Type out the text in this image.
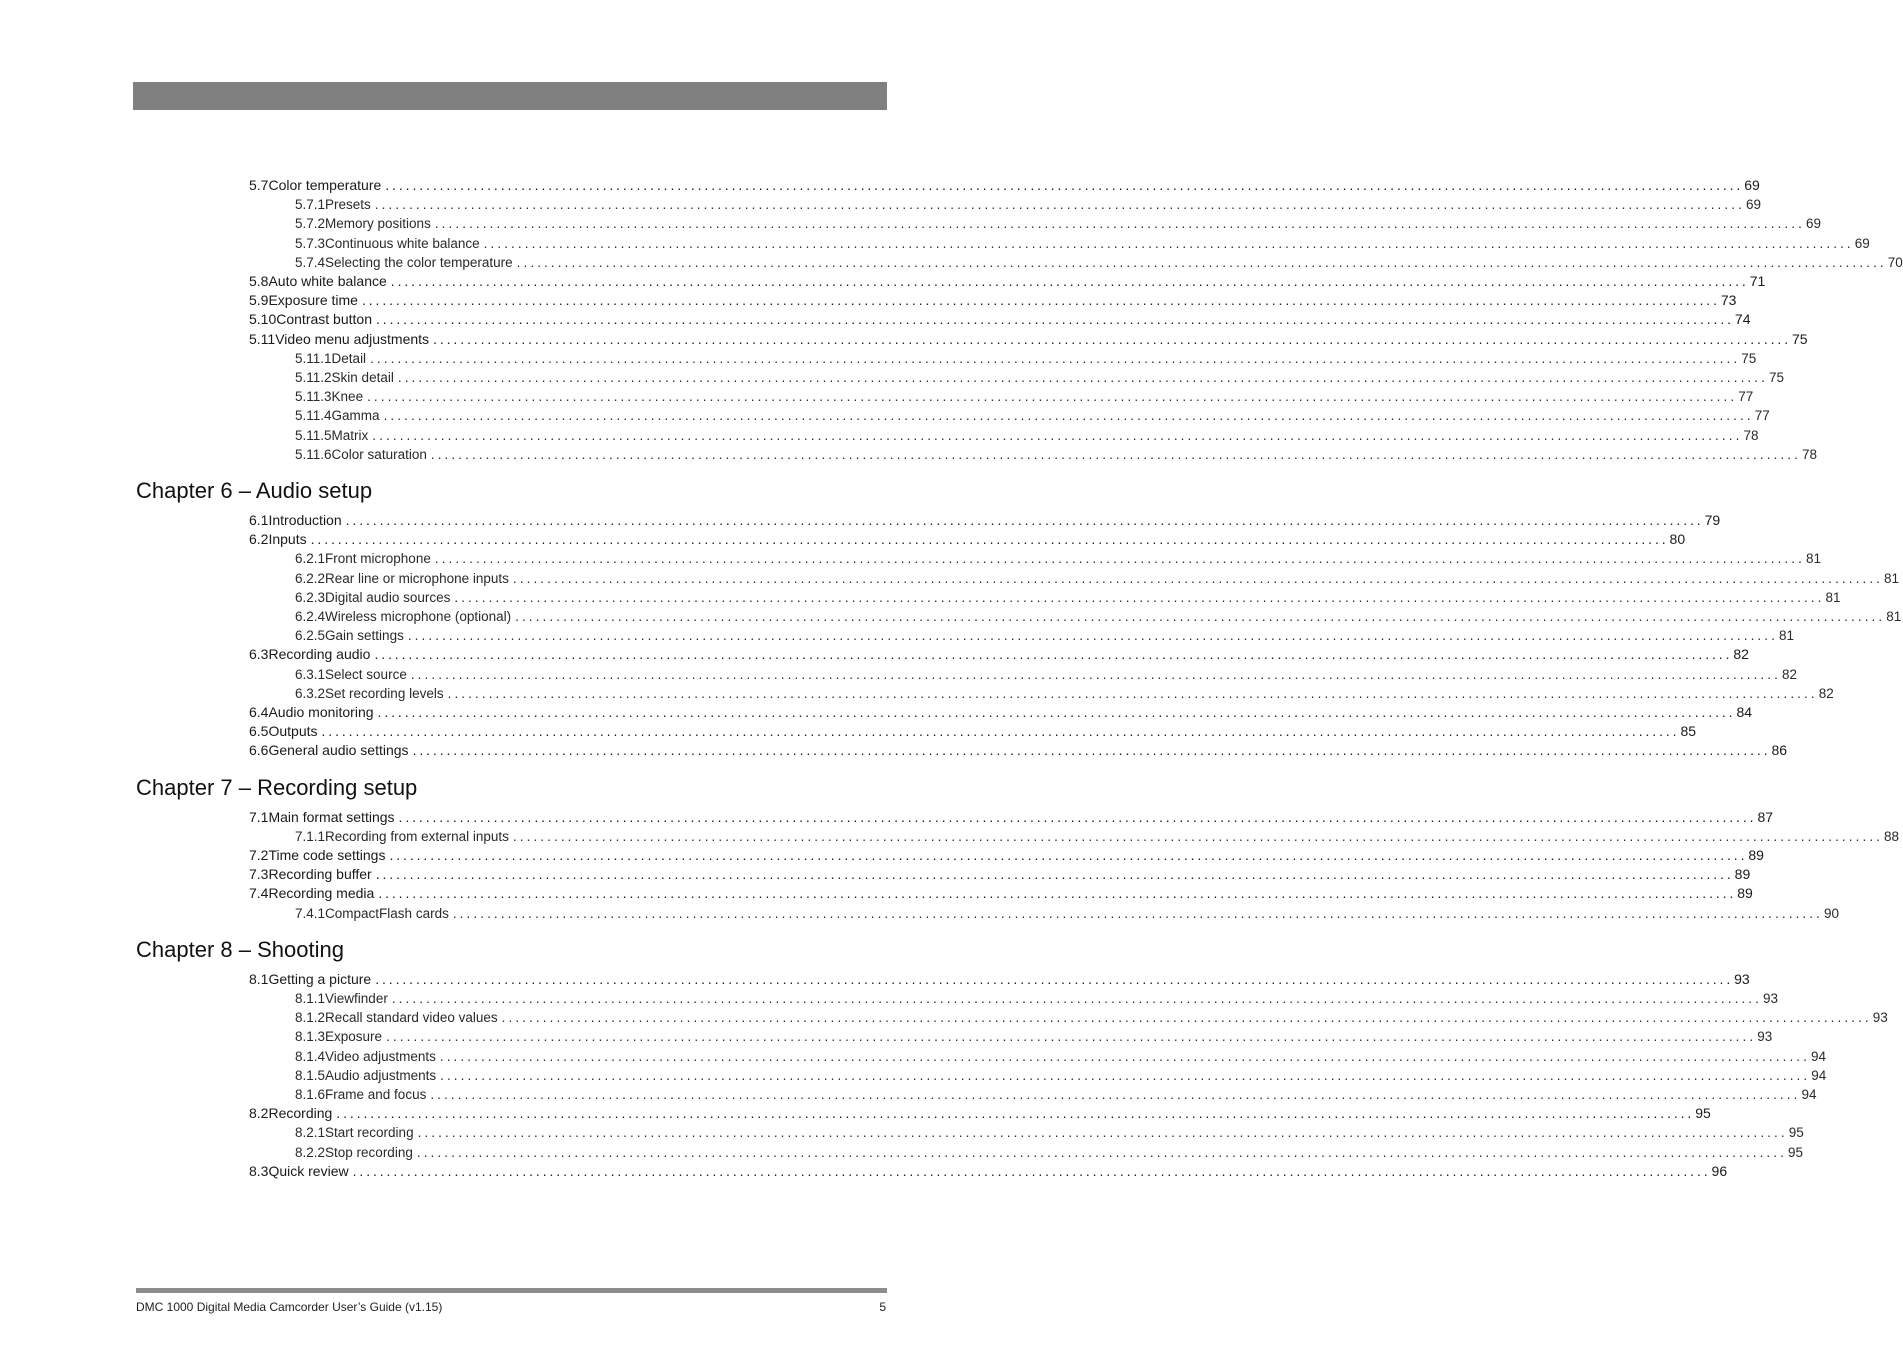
5.7 Color temperature ........................................................................................................................................................................................................ 69
5.7.1 Presets ........................................................................................................................................................................................................ 69
5.7.2 Memory positions ........................................................................................................................................................................................................ 69
5.7.3 Continuous white balance ........................................................................................................................................................................................................ 69
5.7.4 Selecting the color temperature ........................................................................................................................................................................................................ 70
5.8 Auto white balance ........................................................................................................................................................................................................ 71
5.9 Exposure time ........................................................................................................................................................................................................ 73
5.10 Contrast button ........................................................................................................................................................................................................ 74
5.11 Video menu adjustments ........................................................................................................................................................................................................ 75
5.11.1 Detail ........................................................................................................................................................................................................ 75
5.11.2 Skin detail ........................................................................................................................................................................................................ 75
5.11.3 Knee ........................................................................................................................................................................................................ 77
5.11.4 Gamma ........................................................................................................................................................................................................ 77
5.11.5 Matrix ........................................................................................................................................................................................................ 78
5.11.6 Color saturation ........................................................................................................................................................................................................ 78
Chapter 6 – Audio setup
6.1 Introduction ........................................................................................................................................................................................................ 79
6.2 Inputs ........................................................................................................................................................................................................ 80
6.2.1 Front microphone ........................................................................................................................................................................................................ 81
6.2.2 Rear line or microphone inputs ........................................................................................................................................................................................................ 81
6.2.3 Digital audio sources ........................................................................................................................................................................................................ 81
6.2.4 Wireless microphone (optional) ........................................................................................................................................................................................................ 81
6.2.5 Gain settings ........................................................................................................................................................................................................ 81
6.3 Recording audio ........................................................................................................................................................................................................ 82
6.3.1 Select source ........................................................................................................................................................................................................ 82
6.3.2 Set recording levels ........................................................................................................................................................................................................ 82
6.4 Audio monitoring ........................................................................................................................................................................................................ 84
6.5 Outputs ........................................................................................................................................................................................................ 85
6.6 General audio settings ........................................................................................................................................................................................................ 86
Chapter 7 – Recording setup
7.1 Main format settings ........................................................................................................................................................................................................ 87
7.1.1 Recording from external inputs ........................................................................................................................................................................................................ 88
7.2 Time code settings ........................................................................................................................................................................................................ 89
7.3 Recording buffer ........................................................................................................................................................................................................ 89
7.4 Recording media ........................................................................................................................................................................................................ 89
7.4.1 CompactFlash cards ........................................................................................................................................................................................................ 90
Chapter 8 – Shooting
8.1 Getting a picture ........................................................................................................................................................................................................ 93
8.1.1 Viewfinder ........................................................................................................................................................................................................ 93
8.1.2 Recall standard video values ........................................................................................................................................................................................................ 93
8.1.3 Exposure ........................................................................................................................................................................................................ 93
8.1.4 Video adjustments ........................................................................................................................................................................................................ 94
8.1.5 Audio adjustments ........................................................................................................................................................................................................ 94
8.1.6 Frame and focus ........................................................................................................................................................................................................ 94
8.2 Recording ........................................................................................................................................................................................................ 95
8.2.1 Start recording ........................................................................................................................................................................................................ 95
8.2.2 Stop recording ........................................................................................................................................................................................................ 95
8.3 Quick review ........................................................................................................................................................................................................ 96
DMC 1000 Digital Media Camcorder User’s Guide (v1.15)	5
